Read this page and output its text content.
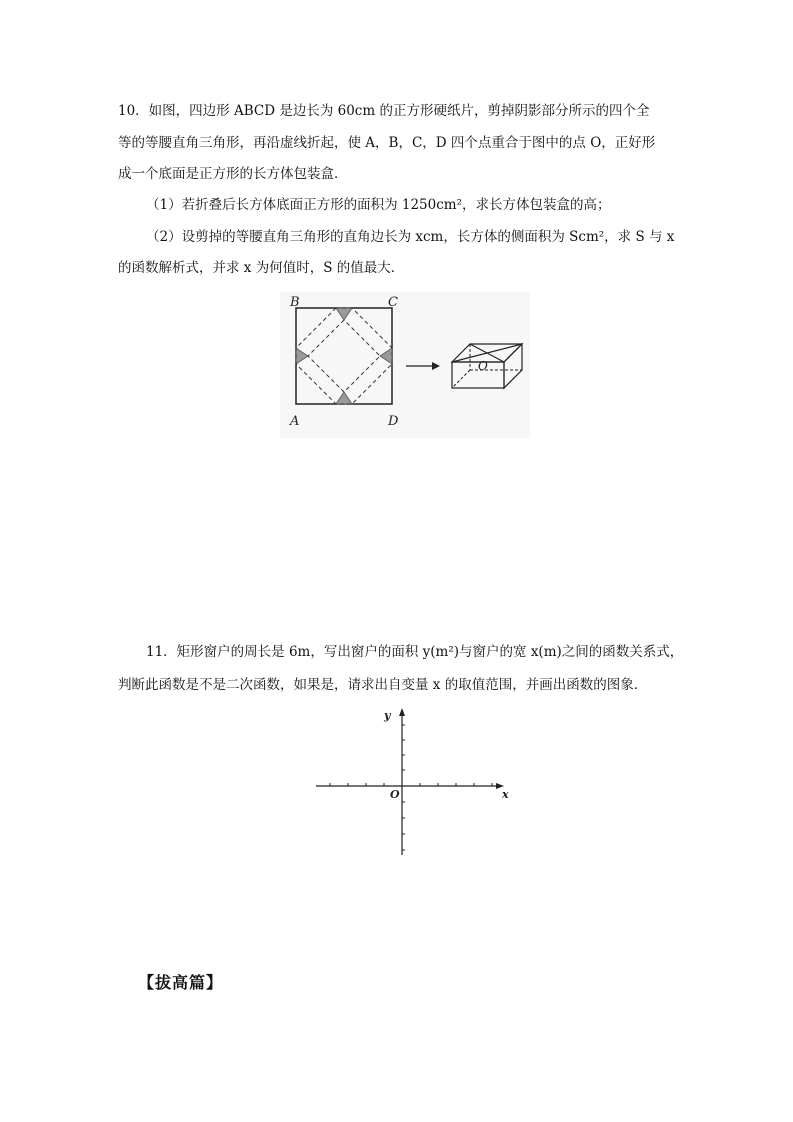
10．如图，四边形 ABCD 是边长为 60cm 的正方形硬纸片，剪掉阴影部分所示的四个全
等的等腰直角三角形，再沿虚线折起，使 A，B，C，D 四个点重合于图中的点 O，正好形
成一个底面是正方形的长方体包装盒．
（1）若折叠后长方体底面正方形的面积为 1250cm²，求长方体包装盒的高；
（2）设剪掉的等腰直角三角形的直角边长为 xcm，长方体的侧面积为 Scm²，求 S 与 x
的函数解析式，并求 x 为何值时，S 的值最大．
B	C
A	D
O
11．矩形窗户的周长是 6m，写出窗户的面积 y(m²)与窗户的宽 x(m)之间的函数关系式，
判断此函数是不是二次函数，如果是，请求出自变量 x 的取值范围，并画出函数的图象．
y
x
O
【拔高篇】
